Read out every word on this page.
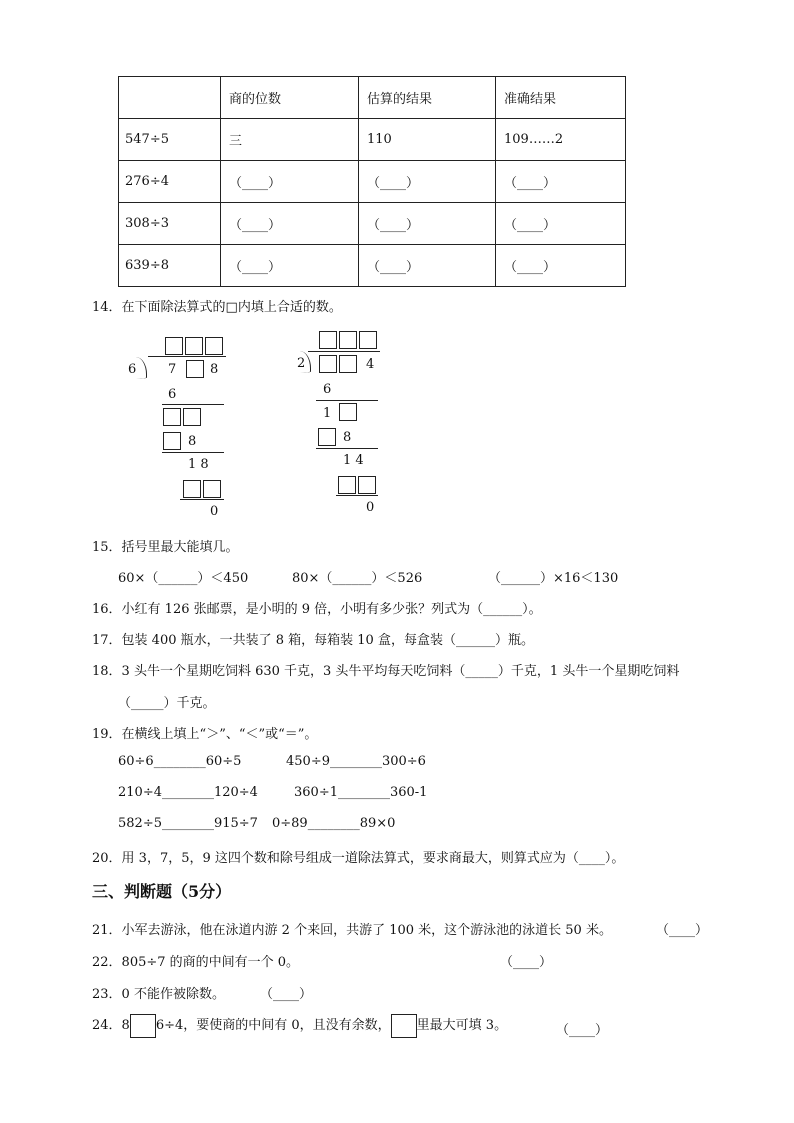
	商的位数	估算的结果	准确结果
547÷5	三	110	109……2
276÷4	（____）	（____）	（____）
308÷3	（____）	（____）	（____）
639÷8	（____）	（____）	（____）
14．在下面除法算式的□内填上合适的数。
6 7	8
6
8
1 8
0
2	4
6
1
8
1 4
0
15．括号里最大能填几。
60×（______）＜450	80×（______）＜526	（______）×16＜130
16．小红有 126 张邮票，是小明的 9 倍，小明有多少张？列式为（______）。
17．包装 400 瓶水，一共装了 8 箱，每箱装 10 盒，每盒装（______）瓶。
18．3 头牛一个星期吃饲料 630 千克，3 头牛平均每天吃饲料（_____）千克，1 头牛一个星期吃饲料
（_____）千克。
19．在横线上填上“＞”、“＜”或“＝”。
60÷6________60÷5	450÷9________300÷6
210÷4________120÷4	360÷1________360-1
582÷5________915÷7 0÷89________89×0
20．用 3，7，5，9 这四个数和除号组成一道除法算式，要求商最大，则算式应为（____）。
三、判断题（5分）
21．小军去游泳，他在泳道内游 2 个来回，共游了 100 米，这个游泳池的泳道长 50 米。	（____）
22．805÷7 的商的中间有一个 0。	（____）
23．0 不能作被除数。	（____）
24．8 6÷4，要使商的中间有 0，且没有余数， 里最大可填 3。	（____）
